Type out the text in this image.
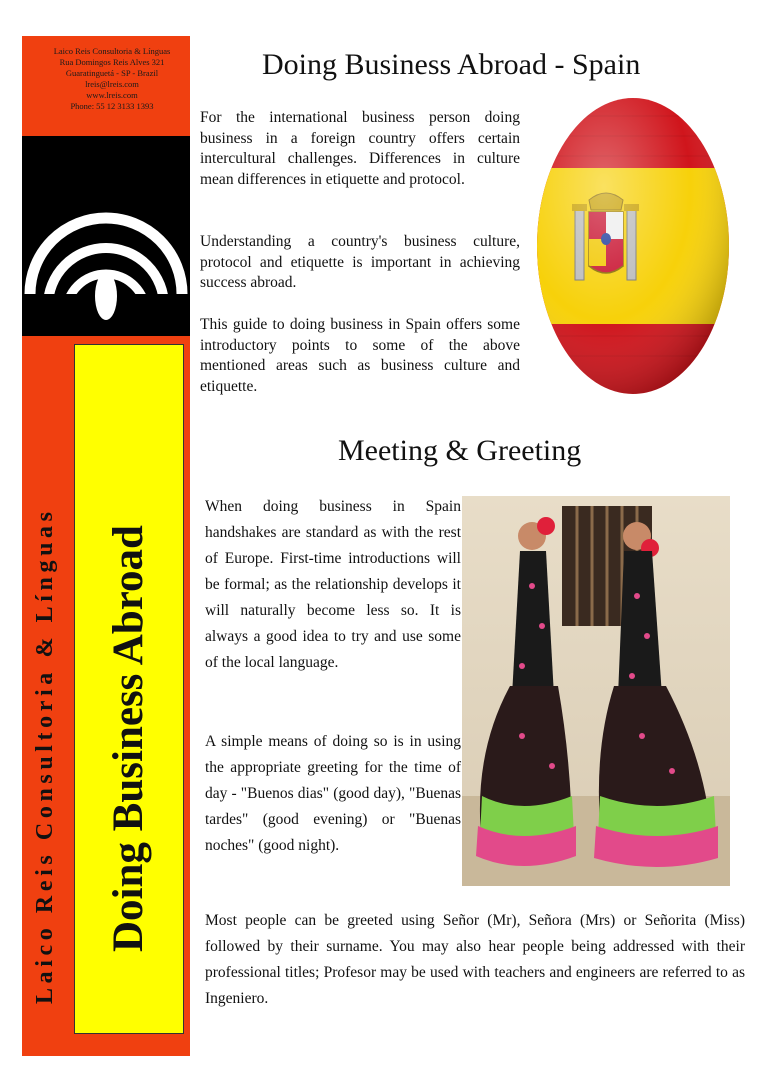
Laico Reis Consultoria & Línguas
Rua Domingos Reis Alves 321
Guaratinguetá - SP - Brazil
lreis@lreis.com
www.lreis.com
Phone: 55 12 3133 1393
Laico Reis Consultoria & Línguas Doing Business Abroad
Doing Business Abroad - Spain

For the international business person doing business in a foreign country offers certain intercultural challenges. Differences in culture mean differences in etiquette and protocol.

Understanding a country's business culture, protocol and etiquette is important in achieving success abroad.

This guide to doing business in Spain offers some introductory points to some of the above mentioned areas such as business culture and etiquette.

Meeting & Greeting

When doing business in Spain handshakes are standard as with the rest of Europe. First-time introductions will be formal; as the relationship develops it will naturally become less so. It is always a good idea to try and use some of the local language.

A simple means of doing so is in using the appropriate greeting for the time of day - "Buenos dias" (good day), "Buenas tardes" (good evening) or "Buenas noches" (good night).

Most people can be greeted using Señor (Mr), Señora (Mrs) or Señorita (Miss) followed by their surname. You may also hear people being addressed with their professional titles; Profesor may be used with teachers and engineers are referred to as Ingeniero.
